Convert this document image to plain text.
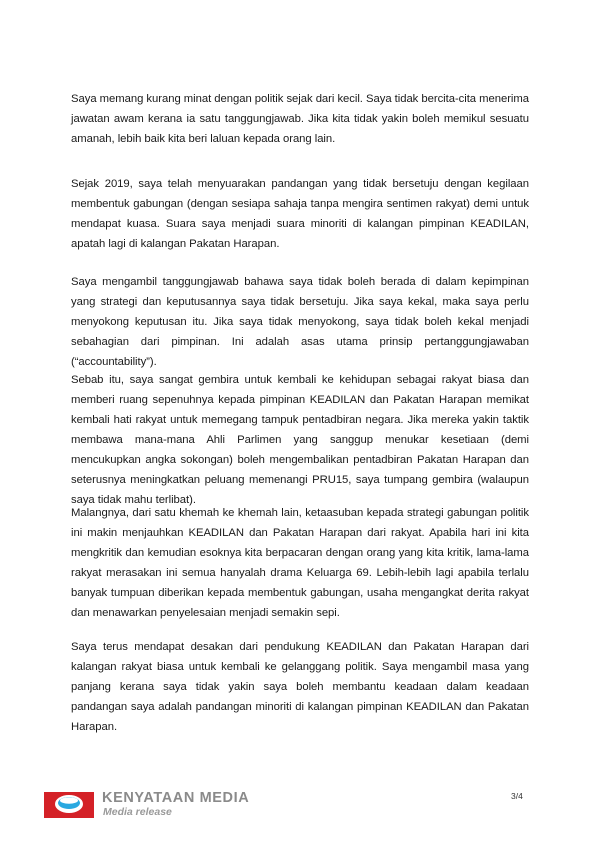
Saya memang kurang minat dengan politik sejak dari kecil. Saya tidak bercita-cita menerima jawatan awam kerana ia satu tanggungjawab. Jika kita tidak yakin boleh memikul sesuatu amanah, lebih baik kita beri laluan kepada orang lain.

Sejak 2019, saya telah menyuarakan pandangan yang tidak bersetuju dengan kegilaan membentuk gabungan (dengan sesiapa sahaja tanpa mengira sentimen rakyat) demi untuk mendapat kuasa. Suara saya menjadi suara minoriti di kalangan pimpinan KEADILAN, apatah lagi di kalangan Pakatan Harapan.

Saya mengambil tanggungjawab bahawa saya tidak boleh berada di dalam kepimpinan yang strategi dan keputusannya saya tidak bersetuju. Jika saya kekal, maka saya perlu menyokong keputusan itu. Jika saya tidak menyokong, saya tidak boleh kekal menjadi sebahagian dari pimpinan. Ini adalah asas utama prinsip pertanggungjawaban (“accountability”).

Sebab itu, saya sangat gembira untuk kembali ke kehidupan sebagai rakyat biasa dan memberi ruang sepenuhnya kepada pimpinan KEADILAN dan Pakatan Harapan memikat kembali hati rakyat untuk memegang tampuk pentadbiran negara. Jika mereka yakin taktik membawa mana-mana Ahli Parlimen yang sanggup menukar kesetiaan (demi mencukupkan angka sokongan) boleh mengembalikan pentadbiran Pakatan Harapan dan seterusnya meningkatkan peluang memenangi PRU15, saya tumpang gembira (walaupun saya tidak mahu terlibat).

Malangnya, dari satu khemah ke khemah lain, ketaasuban kepada strategi gabungan politik ini makin menjauhkan KEADILAN dan Pakatan Harapan dari rakyat. Apabila hari ini kita mengkritik dan kemudian esoknya kita berpacaran dengan orang yang kita kritik, lama-lama rakyat merasakan ini semua hanyalah drama Keluarga 69. Lebih-lebih lagi apabila terlalu banyak tumpuan diberikan kepada membentuk gabungan, usaha mengangkat derita rakyat dan menawarkan penyelesaian menjadi semakin sepi.

Saya terus mendapat desakan dari pendukung KEADILAN dan Pakatan Harapan dari kalangan rakyat biasa untuk kembali ke gelanggang politik. Saya mengambil masa yang panjang kerana saya tidak yakin saya boleh membantu keadaan dalam keadaan pandangan saya adalah pandangan minoriti di kalangan pimpinan KEADILAN dan Pakatan Harapan.

KENYATAAN MEDIA
Media release
3/4
